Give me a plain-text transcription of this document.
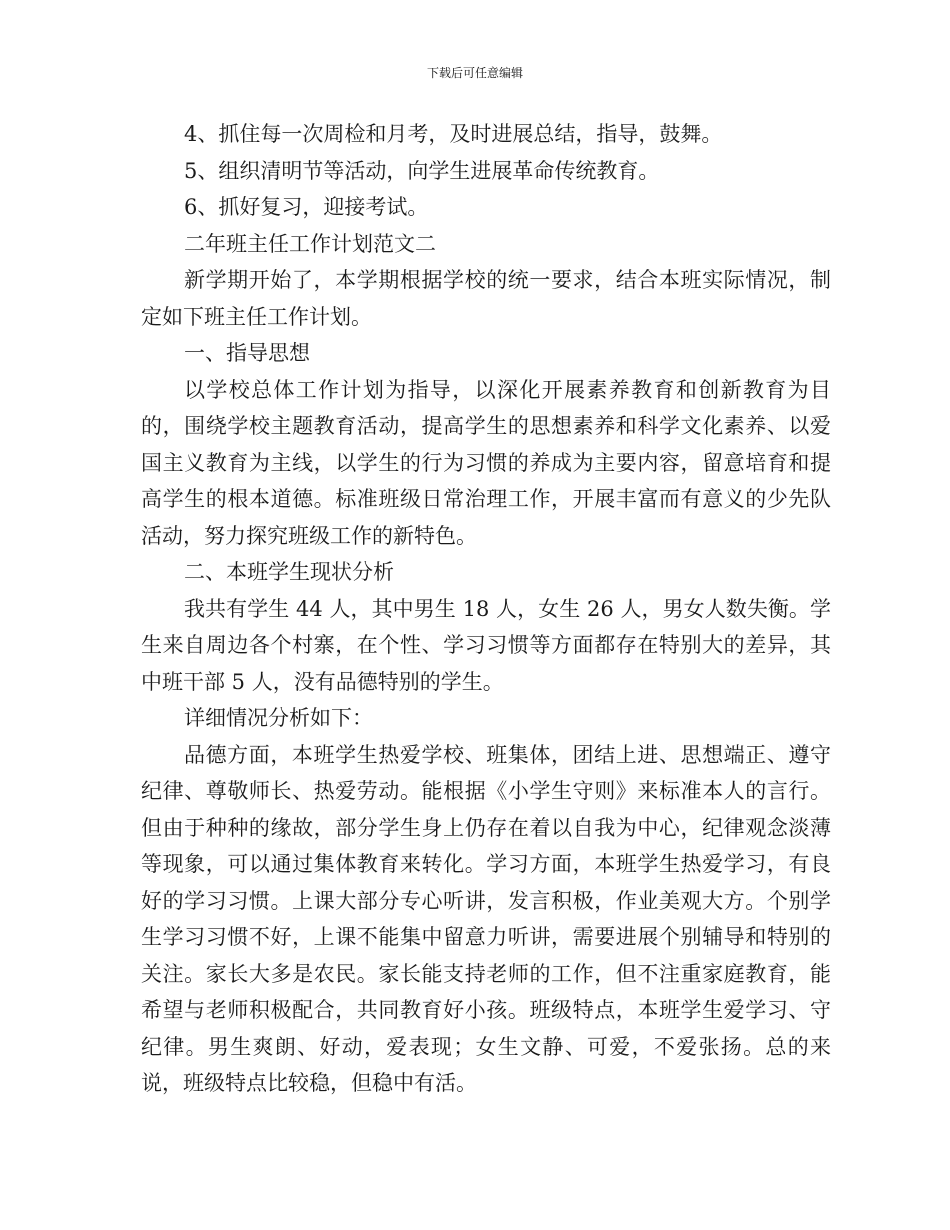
下载后可任意编辑

4、抓住每一次周检和月考，及时进展总结，指导，鼓舞。

5、组织清明节等活动，向学生进展革命传统教育。

6、抓好复习，迎接考试。

二年班主任工作计划范文二

新学期开始了，本学期根据学校的统一要求，结合本班实际情况，制定如下班主任工作计划。

一、指导思想

以学校总体工作计划为指导，以深化开展素养教育和创新教育为目的，围绕学校主题教育活动，提高学生的思想素养和科学文化素养、以爱国主义教育为主线，以学生的行为习惯的养成为主要内容，留意培育和提高学生的根本道德。标准班级日常治理工作，开展丰富而有意义的少先队活动，努力探究班级工作的新特色。

二、本班学生现状分析

我共有学生 44 人，其中男生 18 人，女生 26 人，男女人数失衡。学生来自周边各个村寨，在个性、学习习惯等方面都存在特别大的差异，其中班干部 5 人，没有品德特别的学生。

详细情况分析如下：

品德方面，本班学生热爱学校、班集体，团结上进、思想端正、遵守纪律、尊敬师长、热爱劳动。能根据《小学生守则》来标准本人的言行。但由于种种的缘故，部分学生身上仍存在着以自我为中心，纪律观念淡薄等现象，可以通过集体教育来转化。学习方面，本班学生热爱学习，有良好的学习习惯。上课大部分专心听讲，发言积极，作业美观大方。个别学生学习习惯不好，上课不能集中留意力听讲，需要进展个别辅导和特别的关注。家长大多是农民。家长能支持老师的工作，但不注重家庭教育，能希望与老师积极配合，共同教育好小孩。班级特点，本班学生爱学习、守纪律。男生爽朗、好动，爱表现；女生文静、可爱，不爱张扬。总的来说，班级特点比较稳，但稳中有活。
